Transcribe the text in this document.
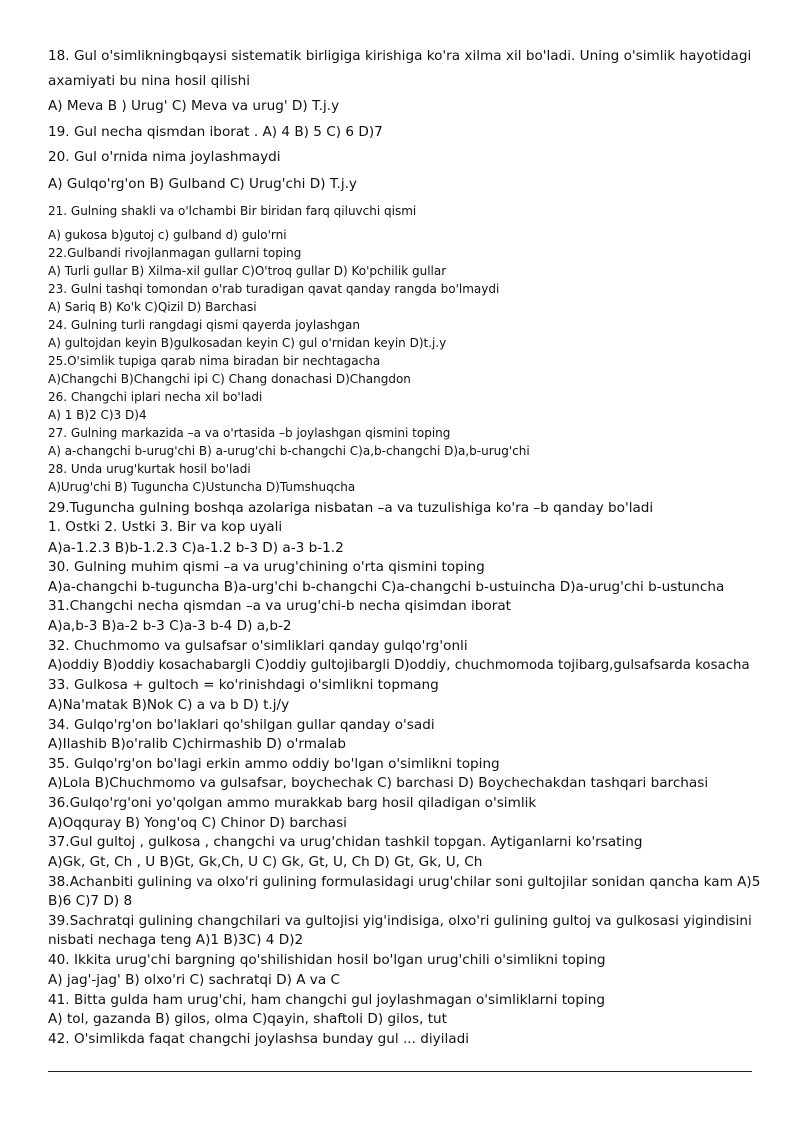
18. Gul o'simlikningbqaysi sistematik birligiga kirishiga ko'ra xilma xil bo'ladi. Uning o'simlik hayotidagi
axamiyati bu nina hosil qilishi
A) Meva B ) Urug' C) Meva va urug' D) T.j.y
19. Gul necha qismdan iborat . A) 4 B) 5 C) 6 D)7
20. Gul o'rnida nima joylashmaydi
A) Gulqo'rg'on B) Gulband C) Urug'chi D) T.j.y
21. Gulning shakli va o'lchambi Bir biridan farq qiluvchi qismi
A) gukosa b)gutoj c) gulband d) gulo'rni
22.Gulbandi rivojlanmagan gullarni toping
A) Turli gullar B) Xilma-xil gullar C)O'troq gullar D) Ko'pchilik gullar
23. Gulni tashqi tomondan o'rab turadigan qavat qanday rangda bo'lmaydi
A) Sariq B) Ko'k C)Qizil D) Barchasi
24. Gulning turli rangdagi qismi qayerda joylashgan
A) gultojdan keyin B)gulkosadan keyin C) gul o'rnidan keyin D)t.j.y
25.O'simlik tupiga qarab nima biradan bir nechtagacha
A)Changchi B)Changchi ipi C) Chang donachasi D)Changdon
26. Changchi iplari necha xil bo'ladi
A) 1 B)2 C)3 D)4
27. Gulning markazida –a va o'rtasida –b joylashgan qismini toping
A) a-changchi b-urug'chi B) a-urug'chi b-changchi C)a,b-changchi D)a,b-urug'chi
28. Unda urug'kurtak hosil bo'ladi
A)Urug'chi B) Tuguncha C)Ustuncha D)Tumshuqcha
29.Tuguncha gulning boshqa azolariga nisbatan –a va tuzulishiga ko'ra –b qanday bo'ladi
1. Ostki 2. Ustki 3. Bir va kop uyali
A)a-1.2.3 B)b-1.2.3 C)a-1.2 b-3 D) a-3 b-1.2
30. Gulning muhim qismi –a va urug'chining o'rta qismini toping
A)a-changchi b-tuguncha B)a-urg'chi b-changchi C)a-changchi b-ustuincha D)a-urug'chi b-ustuncha
31.Changchi necha qismdan –a va urug'chi-b necha qisimdan iborat
A)a,b-3 B)a-2 b-3 C)a-3 b-4 D) a,b-2
32. Chuchmomo va gulsafsar o'simliklari qanday gulqo'rg'onli
A)oddiy B)oddiy kosachabargli C)oddiy gultojibargli D)oddiy, chuchmomoda tojibarg,gulsafsarda kosacha
33. Gulkosa + gultoch = ko'rinishdagi o'simlikni topmang
A)Na'matak B)Nok C) a va b D) t.j/y
34. Gulqo'rg'on bo'laklari qo'shilgan gullar qanday o'sadi
A)Ilashib B)o'ralib C)chirmashib D) o'rmalab
35. Gulqo'rg'on bo'lagi erkin ammo oddiy bo'lgan o'simlikni toping
A)Lola B)Chuchmomo va gulsafsar, boychechak C) barchasi D) Boychechakdan tashqari barchasi
36.Gulqo'rg'oni yo'qolgan ammo murakkab barg hosil qiladigan o'simlik
A)Oqquray B) Yong'oq C) Chinor D) barchasi
37.Gul gultoj , gulkosa , changchi va urug'chidan tashkil topgan. Aytiganlarni ko'rsating
A)Gk, Gt, Ch , U B)Gt, Gk,Ch, U C) Gk, Gt, U, Ch D) Gt, Gk, U, Ch
38.Achanbiti gulining va olxo'ri gulining formulasidagi urug'chilar soni gultojilar sonidan qancha kam A)5
B)6 C)7 D) 8
39.Sachratqi gulining changchilari va gultojisi yig'indisiga, olxo'ri gulining gultoj va gulkosasi yigindisini
nisbati nechaga teng A)1 B)3C) 4 D)2
40. Ikkita urug'chi bargning qo'shilishidan hosil bo'lgan urug'chili o'simlikni toping
A) jag'-jag' B) olxo'ri C) sachratqi D) A va C
41. Bitta gulda ham urug'chi, ham changchi gul joylashmagan o'simliklarni toping
A) tol, gazanda B) gilos, olma C)qayin, shaftoli D) gilos, tut
42. O'simlikda faqat changchi joylashsa bunday gul ... diyiladi
